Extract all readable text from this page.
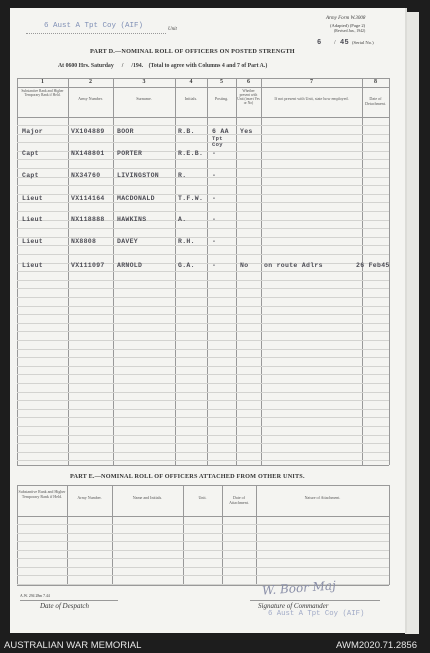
6 Aust A Tpt Coy (AIF)	Unit
Army Form W.3008
(Adapted) (Page 2)
(Revised Jan., 1942)
6 / 45 (Serial No.)
PART D.—NOMINAL ROLL OF OFFICERS ON POSTED STRENGTH
At 0600 Hrs. Saturday / /194. (Total to agree with Columns 4 and 7 of Part A.)
1	2	3	4	5	6	7	8
Substantive Rank and Higher Temporary Rank if Held.
Army Number.	Surname.	Initials.	Posting.
Whether present with Unit (insert Yes or No)
If not present with Unit, state how employed.	Date of Detachment.
Major	VX104889 BOOR	R.B.	6 AA Yes
Tpt
Coy
Capt	NX148801 PORTER	R.E.B. -
Capt	NX34760	LIVINGSTON	R.	-
Lieut	VX114164 MACDONALD	T.F.W. -
Lieut	NX118888 HAWKINS	A.	-
Lieut	NX8808	DAVEY	R.H.	-
Lieut	VX111097 ARNOLD	G.A.	-	No on route Adlrs	26 Feb45
PART E.—NOMINAL ROLL OF OFFICERS ATTACHED FROM OTHER UNITS.
Substantive Rank and Higher Temporary Rank if Held.	Army Number.	Name and Initials.	Unit.	Date of Attachment.
Nature of Attachment.
W. Boor Maj
A.W. 294 28m 7.44
Date of Despatch	Signature of Commander
6 Aust A Tpt Coy (AIF)
AUSTRALIAN WAR MEMORIAL	AWM2020.71.2856
